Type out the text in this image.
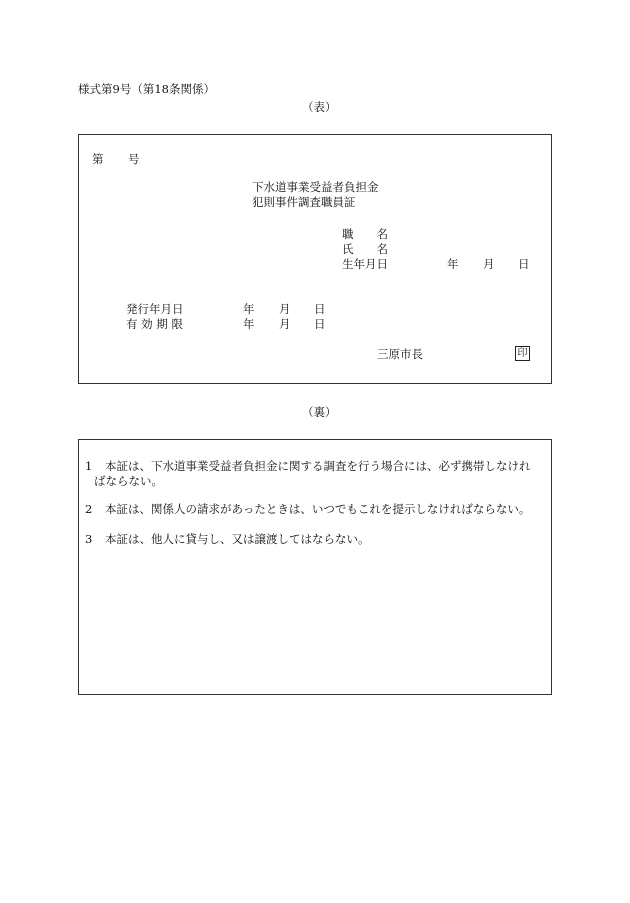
様式第9号（第18条関係）
（表）
第 号
下水道事業受益者負担金
犯則事件調査職員証
職　　名
氏　　名
生年月日	年 月 日
発行年月日	年 月 日
有 効 期 限	年 月 日
三原市長	印
（裏）
1 本証は、下水道事業受益者負担金に関する調査を行う場合には、必ず携帯しなけれ
ばならない。
2 本証は、関係人の請求があったときは、いつでもこれを提示しなければならない。
3 本証は、他人に貸与し、又は譲渡してはならない。
